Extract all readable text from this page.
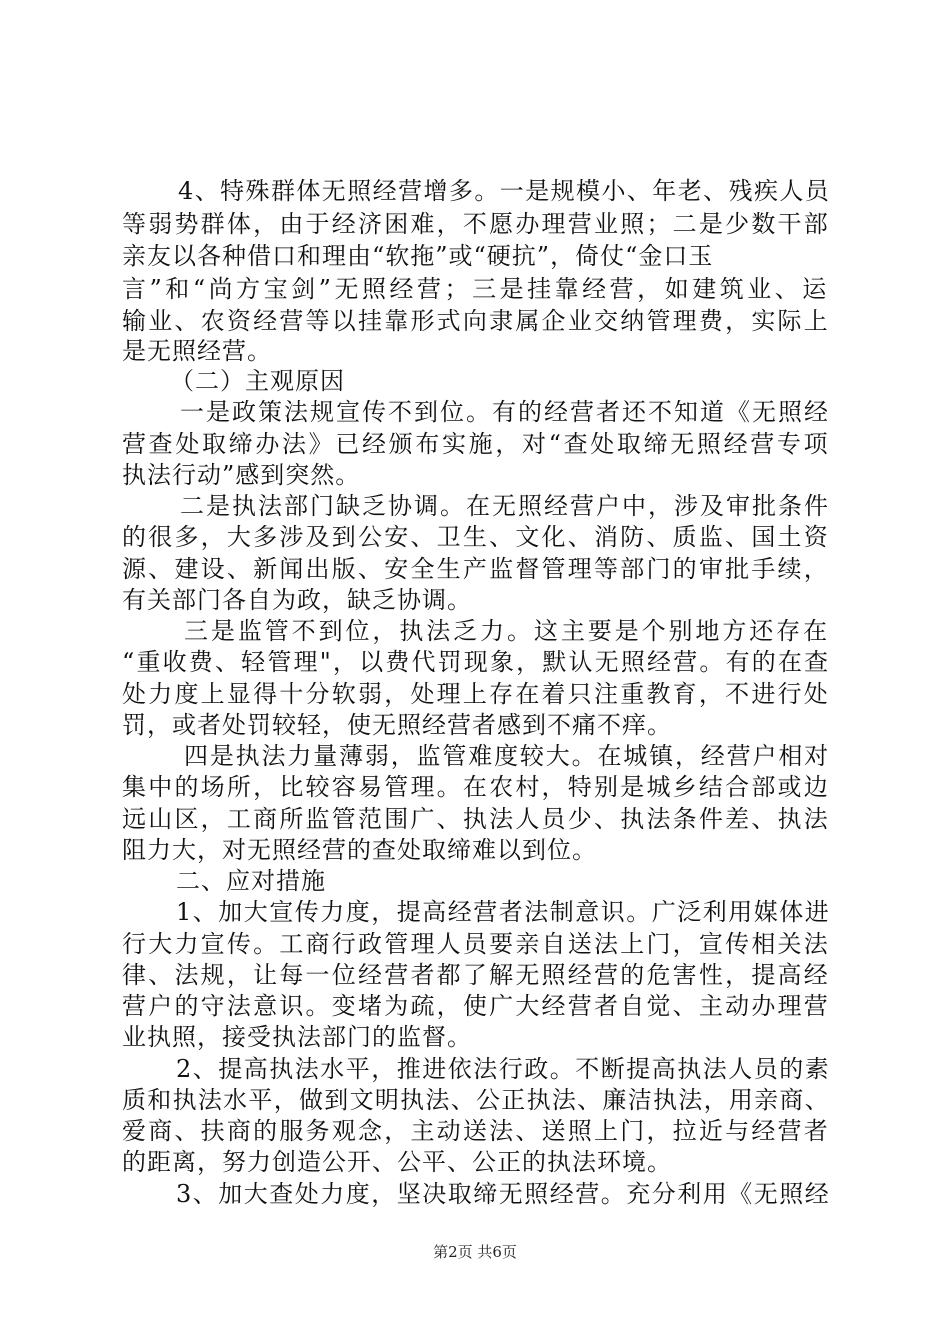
4、特殊群体无照经营增多。一是规模小、年老、残疾人员
等弱势群体，由于经济困难，不愿办理营业照；二是少数干部
亲友以各种借口和理由“软拖”或“硬抗”，倚仗“金口玉
言”和“尚方宝剑”无照经营；三是挂靠经营，如建筑业、运
输业、农资经营等以挂靠形式向隶属企业交纳管理费，实际上
是无照经营。
（二）主观原因
一是政策法规宣传不到位。有的经营者还不知道《无照经
营查处取缔办法》已经颁布实施，对“查处取缔无照经营专项
执法行动”感到突然。
二是执法部门缺乏协调。在无照经营户中，涉及审批条件
的很多，大多涉及到公安、卫生、文化、消防、质监、国土资
源、建设、新闻出版、安全生产监督管理等部门的审批手续，
有关部门各自为政，缺乏协调。
三是监管不到位，执法乏力。这主要是个别地方还存在
“重收费、轻管理"，以费代罚现象，默认无照经营。有的在查
处力度上显得十分软弱，处理上存在着只注重教育，不进行处
罚，或者处罚较轻，使无照经营者感到不痛不痒。
四是执法力量薄弱，监管难度较大。在城镇，经营户相对
集中的场所，比较容易管理。在农村，特别是城乡结合部或边
远山区，工商所监管范围广、执法人员少、执法条件差、执法
阻力大，对无照经营的查处取缔难以到位。
二、应对措施
1、加大宣传力度，提高经营者法制意识。广泛利用媒体进
行大力宣传。工商行政管理人员要亲自送法上门，宣传相关法
律、法规，让每一位经营者都了解无照经营的危害性，提高经
营户的守法意识。变堵为疏，使广大经营者自觉、主动办理营
业执照，接受执法部门的监督。
2、提高执法水平，推进依法行政。不断提高执法人员的素
质和执法水平，做到文明执法、公正执法、廉洁执法，用亲商、
爱商、扶商的服务观念，主动送法、送照上门，拉近与经营者
的距离，努力创造公开、公平、公正的执法环境。
3、加大查处力度，坚决取缔无照经营。充分利用《无照经
第2页 共6页
